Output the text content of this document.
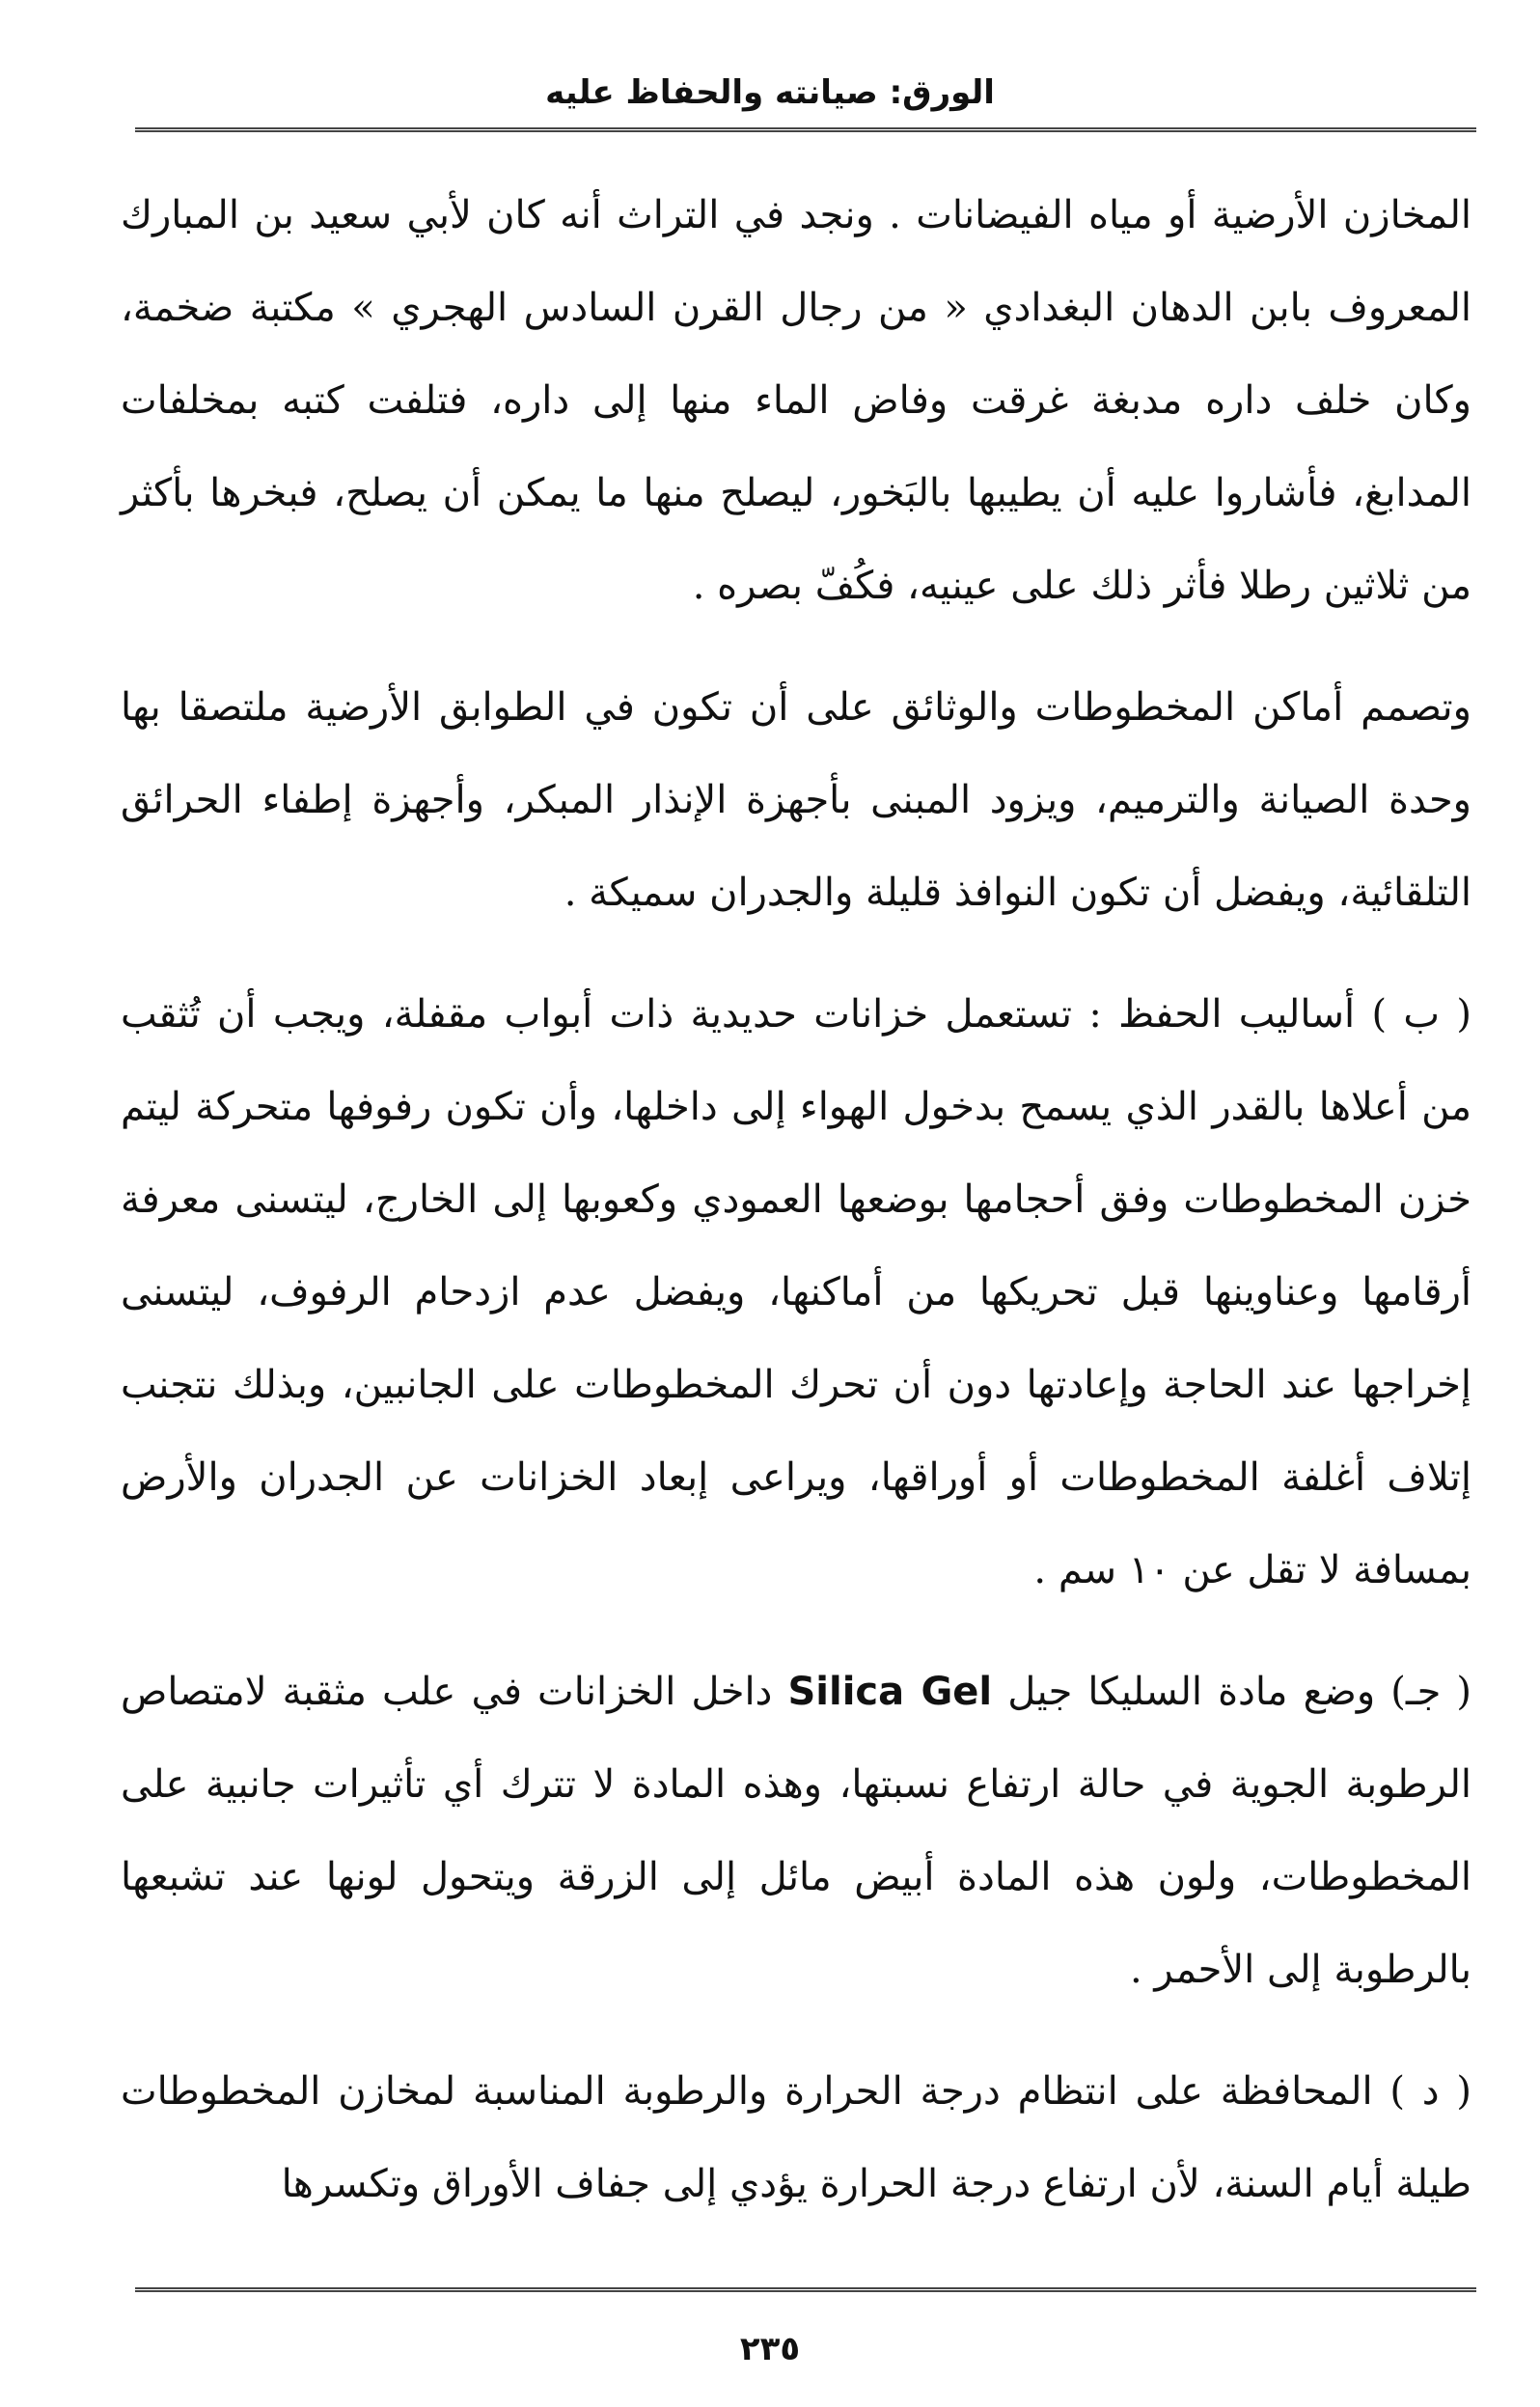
الورق: صيانته والحفاظ عليه

المخازن الأرضية أو مياه الفيضانات . ونجد في التراث أنه كان لأبي سعيد بن المبارك المعروف بابن الدهان البغدادي « من رجال القرن السادس الهجري » مكتبة ضخمة، وكان خلف داره مدبغة غرقت وفاض الماء منها إلى داره، فتلفت كتبه بمخلفات المدابغ، فأشاروا عليه أن يطيبها بالبَخور، ليصلح منها ما يمكن أن يصلح، فبخرها بأكثر من ثلاثين رطلا فأثر ذلك على عينيه، فكُفّ بصره .

وتصمم أماكن المخطوطات والوثائق على أن تكون في الطوابق الأرضية ملتصقا بها وحدة الصيانة والترميم، ويزود المبنى بأجهزة الإنذار المبكر، وأجهزة إطفاء الحرائق التلقائية، ويفضل أن تكون النوافذ قليلة والجدران سميكة .

( ب ) أساليب الحفظ : تستعمل خزانات حديدية ذات أبواب مقفلة، ويجب أن تُثقب من أعلاها بالقدر الذي يسمح بدخول الهواء إلى داخلها، وأن تكون رفوفها متحركة ليتم خزن المخطوطات وفق أحجامها بوضعها العمودي وكعوبها إلى الخارج، ليتسنى معرفة أرقامها وعناوينها قبل تحريكها من أماكنها، ويفضل عدم ازدحام الرفوف، ليتسنى إخراجها عند الحاجة وإعادتها دون أن تحرك المخطوطات على الجانبين، وبذلك نتجنب إتلاف أغلفة المخطوطات أو أوراقها، ويراعى إبعاد الخزانات عن الجدران والأرض بمسافة لا تقل عن ١٠ سم .

( جـ) وضع مادة السليكا جيل Silica Gel داخل الخزانات في علب مثقبة لامتصاص الرطوبة الجوية في حالة ارتفاع نسبتها، وهذه المادة لا تترك أي تأثيرات جانبية على المخطوطات، ولون هذه المادة أبيض مائل إلى الزرقة ويتحول لونها عند تشبعها بالرطوبة إلى الأحمر .

( د ) المحافظة على انتظام درجة الحرارة والرطوبة المناسبة لمخازن المخطوطات طيلة أيام السنة، لأن ارتفاع درجة الحرارة يؤدي إلى جفاف الأوراق وتكسرها

٢٣٥
